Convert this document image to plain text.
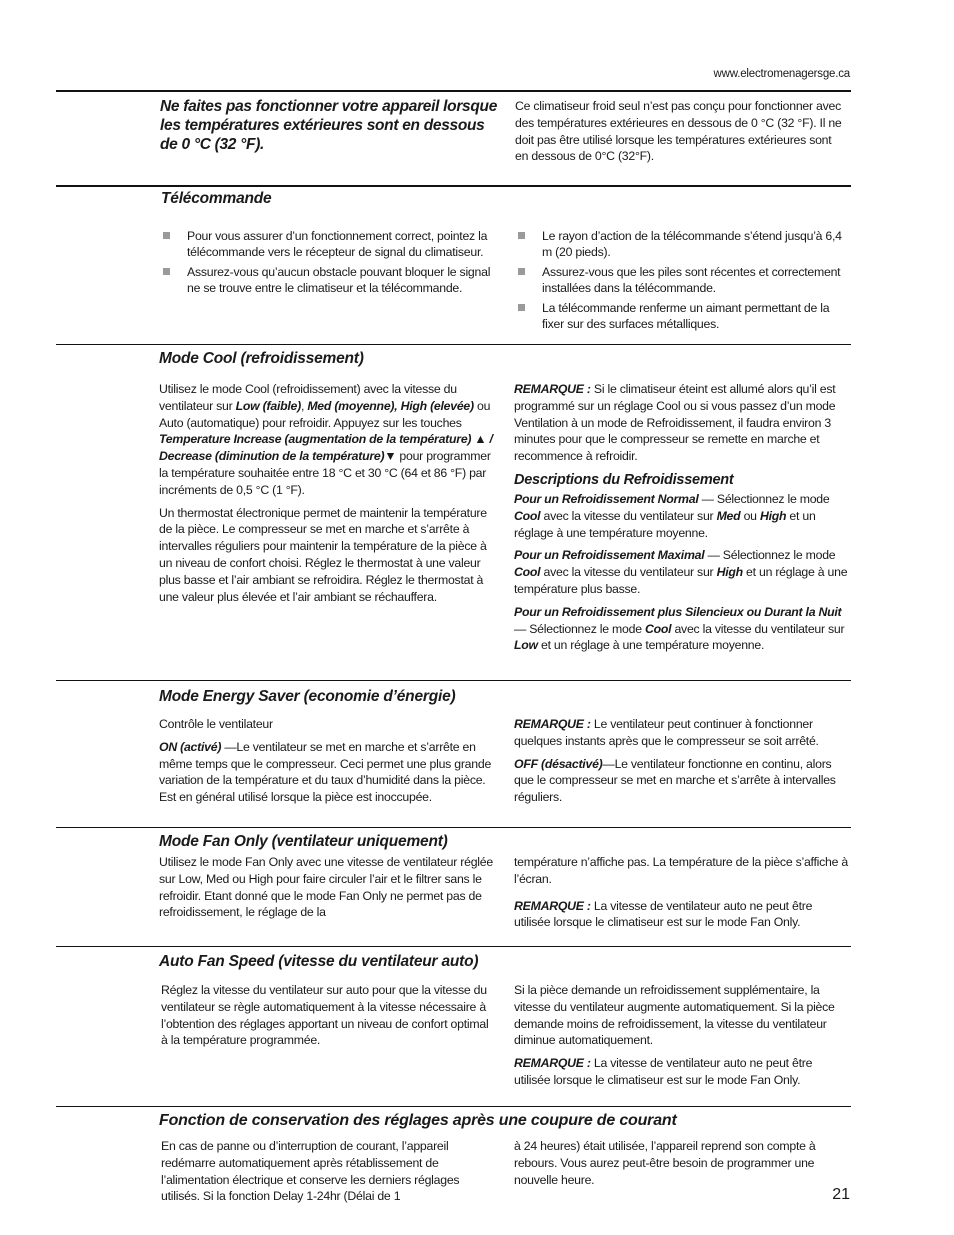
www.electromenagersge.ca
Ne faites pas fonctionner votre appareil lorsque les températures extérieures sont en dessous de 0 °C (32 °F).

Ce climatiseur froid seul n’est pas conçu pour fonctionner avec des températures extérieures en dessous de 0 °C (32 °F). Il ne doit pas être utilisé lorsque les températures extérieures sont en dessous de 0°C (32°F).

Télécommande
Pour vous assurer d’un fonctionnement correct, pointez la télécommande vers le récepteur de signal du climatiseur.
Assurez-vous qu’aucun obstacle pouvant bloquer le signal ne se trouve entre le climatiseur et la télécommande.
Le rayon d’action de la télécommande s’étend jusqu’à 6,4 m (20 pieds).
Assurez-vous que les piles sont récentes et correctement installées dans la télécommande.
La télécommande renferme un aimant permettant de la fixer sur des surfaces métalliques.
Mode Cool (refroidissement)

Utilisez le mode Cool (refroidissement) avec la vitesse du ventilateur sur Low (faible), Med (moyenne), High (elevée) ou Auto (automatique) pour refroidir. Appuyez sur les touches Temperature Increase (augmentation de la température) ▲ / Decrease (diminution de la température)▼ pour programmer la température souhaitée entre 18 °C et 30 °C (64 et 86 °F) par incréments de 0,5 °C (1 °F).

Un thermostat électronique permet de maintenir la température de la pièce. Le compresseur se met en marche et s’arrête à intervalles réguliers pour maintenir la température de la pièce à un niveau de confort choisi. Réglez le thermostat à une valeur plus basse et l’air ambiant se refroidira. Réglez le thermostat à une valeur plus élevée et l’air ambiant se réchauffera.

REMARQUE : Si le climatiseur éteint est allumé alors qu’il est programmé sur un réglage Cool ou si vous passez d’un mode Ventilation à un mode de Refroidissement, il faudra environ 3 minutes pour que le compresseur se remette en marche et recommence à refroidir.

Descriptions du Refroidissement

Pour un Refroidissement Normal — Sélectionnez le mode Cool avec la vitesse du ventilateur sur Med ou High et un réglage à une température moyenne.

Pour un Refroidissement Maximal — Sélectionnez le mode Cool avec la vitesse du ventilateur sur High et un réglage à une température plus basse.

Pour un Refroidissement plus Silencieux ou Durant la Nuit — Sélectionnez le mode Cool avec la vitesse du ventilateur sur Low et un réglage à une température moyenne.

Mode Energy Saver (economie d’énergie)

Contrôle le ventilateur

ON (activé) —Le ventilateur se met en marche et s’arrête en même temps que le compresseur. Ceci permet une plus grande variation de la température et du taux d’humidité dans la pièce. Est en général utilisé lorsque la pièce est inoccupée.

REMARQUE : Le ventilateur peut continuer à fonctionner quelques instants après que le compresseur se soit arrêté.

OFF (désactivé)—Le ventilateur fonctionne en continu, alors que le compresseur se met en marche et s’arrête à intervalles réguliers.

Mode Fan Only (ventilateur uniquement)

Utilisez le mode Fan Only avec une vitesse de ventilateur réglée sur Low, Med ou High pour faire circuler l’air et le filtrer sans le refroidir. Etant donné que le mode Fan Only ne permet pas de refroidissement, le réglage de la

température n’affiche pas. La température de la pièce s’affiche à l’écran.

REMARQUE : La vitesse de ventilateur auto ne peut être utilisée lorsque le climatiseur est sur le mode Fan Only.

Auto Fan Speed (vitesse du ventilateur auto)

Réglez la vitesse du ventilateur sur auto pour que la vitesse du ventilateur se règle automatiquement à la vitesse nécessaire à l’obtention des réglages apportant un niveau de confort optimal à la température programmée.

Si la pièce demande un refroidissement supplémentaire, la vitesse du ventilateur augmente automatiquement. Si la pièce demande moins de refroidissement, la vitesse du ventilateur diminue automatiquement.

REMARQUE : La vitesse de ventilateur auto ne peut être utilisée lorsque le climatiseur est sur le mode Fan Only.

Fonction de conservation des réglages après une coupure de courant

En cas de panne ou d’interruption de courant, l’appareil redémarre automatiquement après rétablissement de l’alimentation électrique et conserve les derniers réglages utilisés. Si la fonction Delay 1-24hr (Délai de 1

à 24 heures) était utilisée, l’appareil reprend son compte à rebours. Vous aurez peut-être besoin de programmer une nouvelle heure.

21
